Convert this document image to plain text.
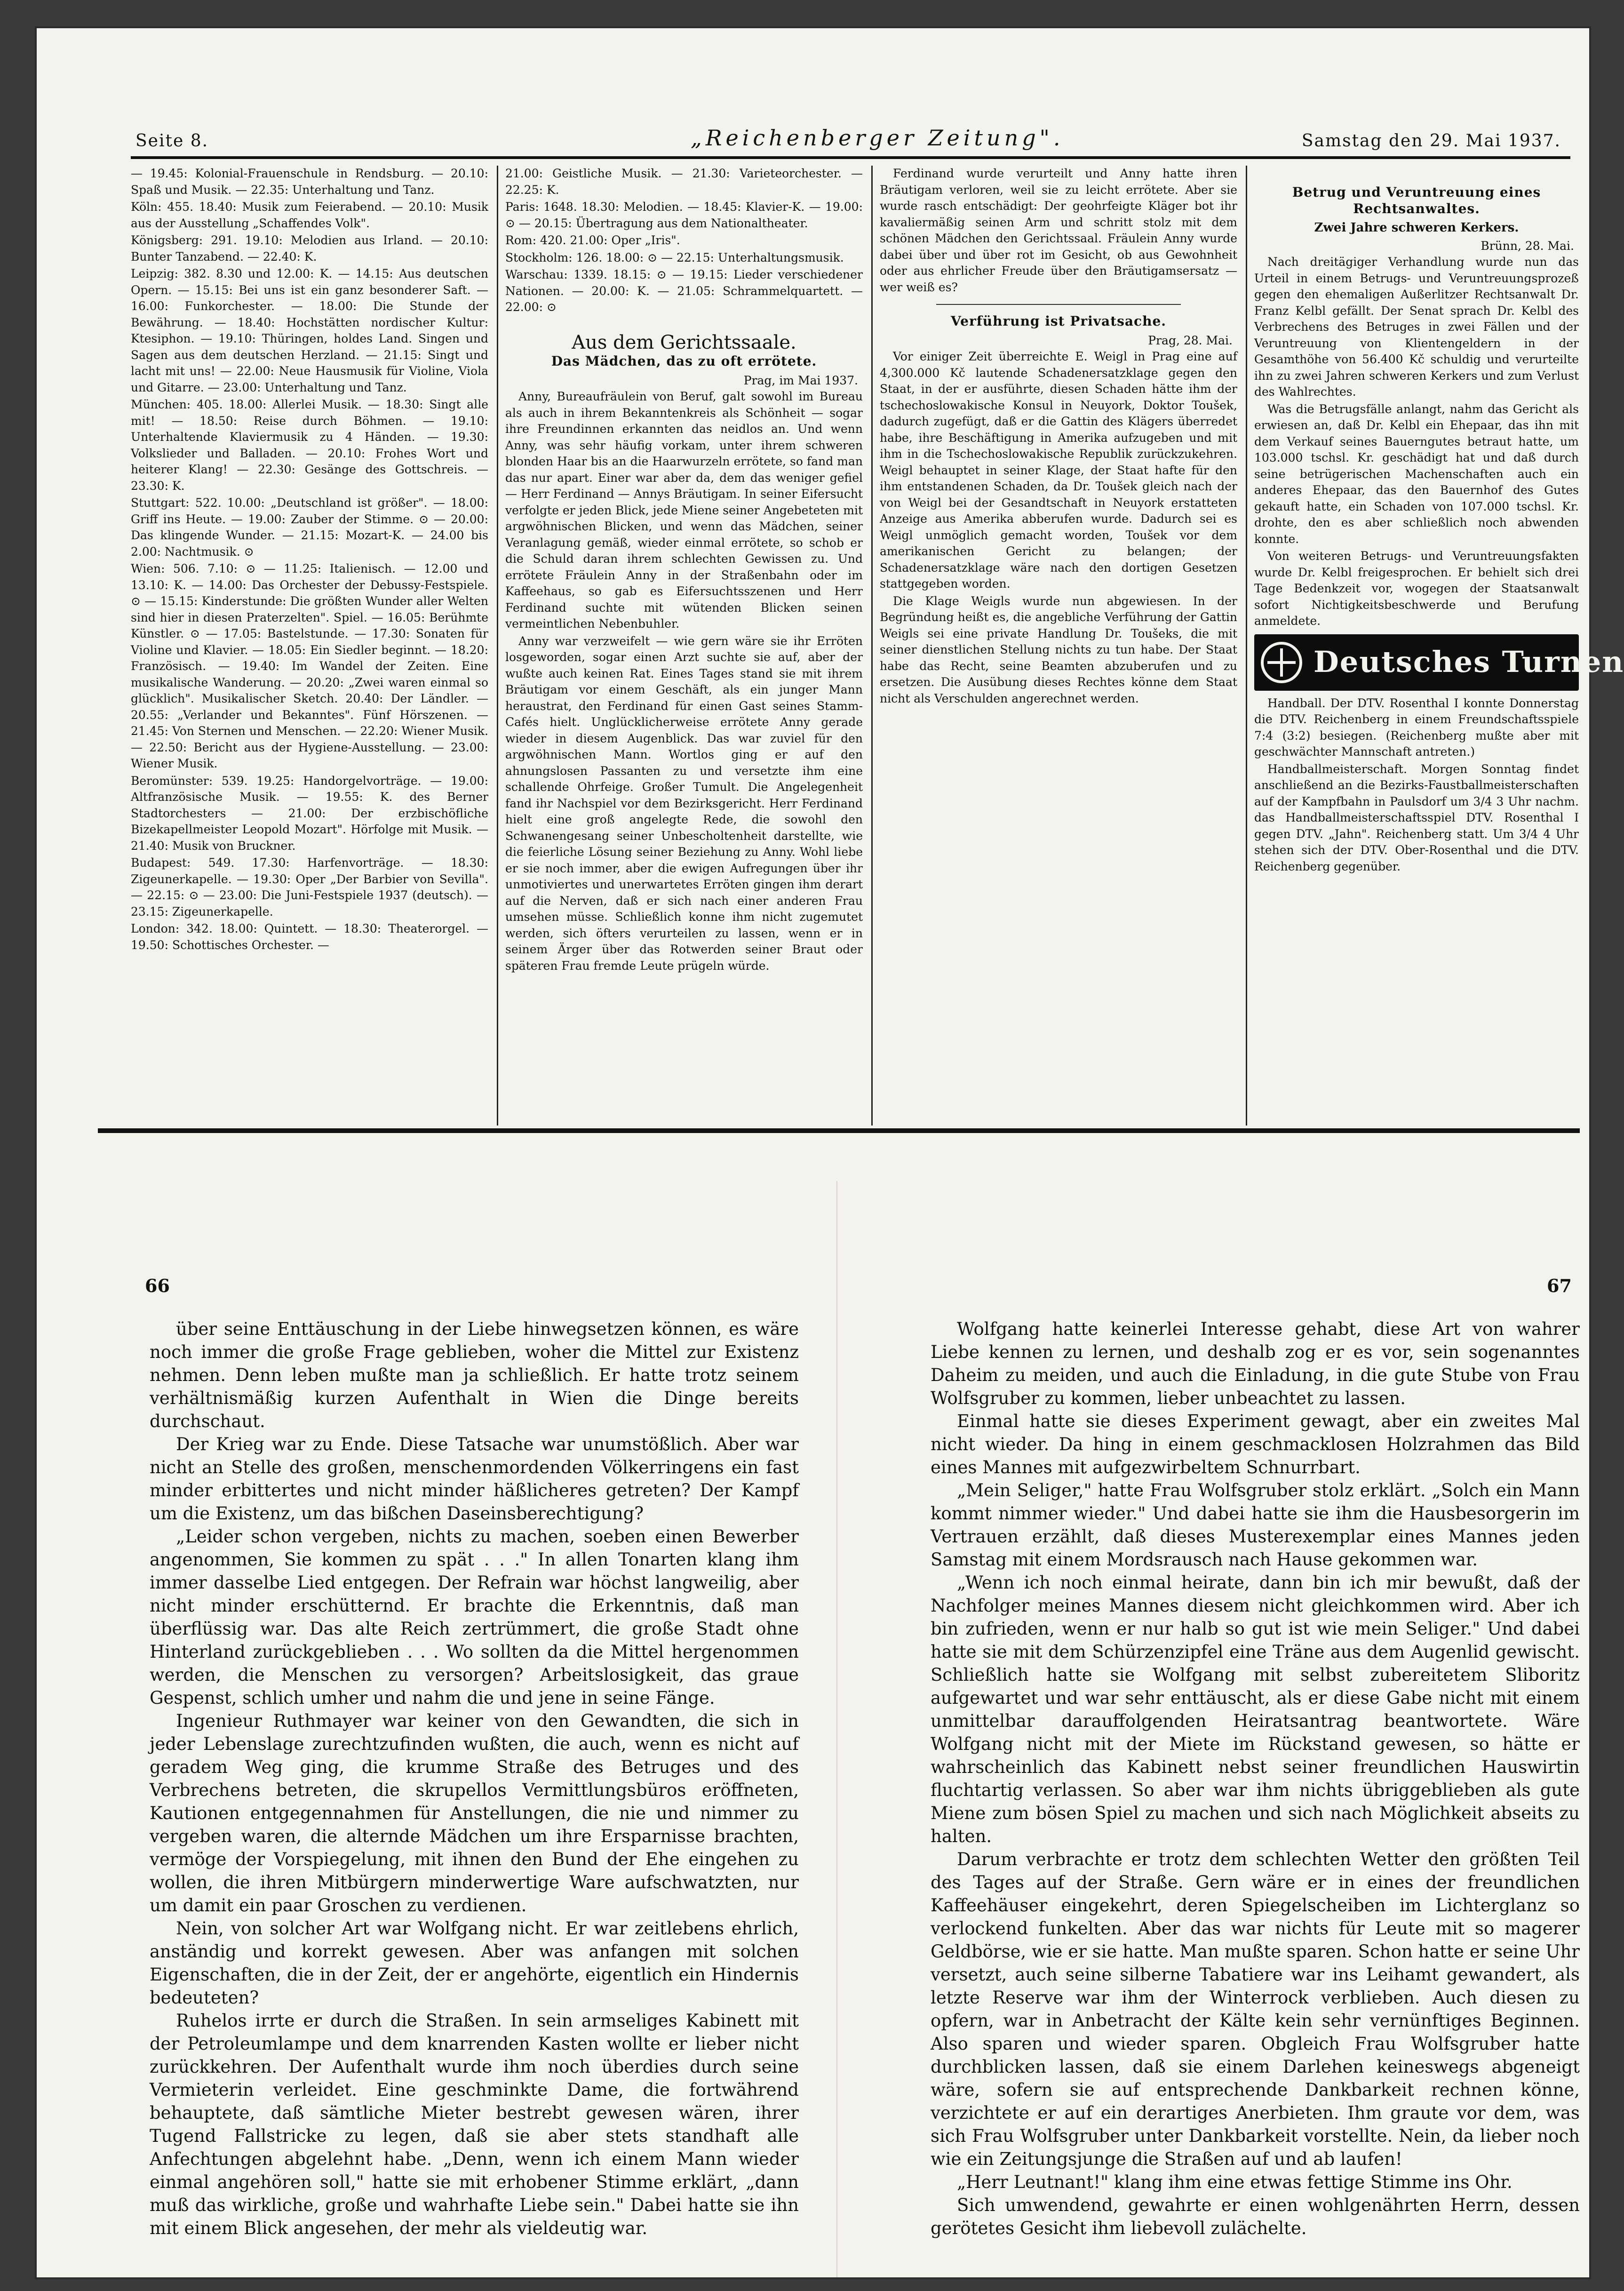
Seite 8.	„Reichenberger Zeitung".	Samstag den 29. Mai 1937.

— 19.45: Kolonial-Frauenschule in Rendsburg. — 20.10: Spaß und Musik. — 22.35: Unterhaltung und Tanz.

Köln: 455. 18.40: Musik zum Feierabend. — 20.10: Musik aus der Ausstellung „Schaffendes Volk".

Königsberg: 291. 19.10: Melodien aus Irland. — 20.10: Bunter Tanzabend. — 22.40: K.

Leipzig: 382. 8.30 und 12.00: K. — 14.15: Aus deutschen Opern. — 15.15: Bei uns ist ein ganz besonderer Saft. — 16.00: Funkorchester. — 18.00: Die Stunde der Bewährung. — 18.40: Hochstätten nordischer Kultur: Ktesiphon. — 19.10: Thüringen, holdes Land. Singen und Sagen aus dem deutschen Herzland. — 21.15: Singt und lacht mit uns! — 22.00: Neue Hausmusik für Violine, Viola und Gitarre. — 23.00: Unterhaltung und Tanz.

München: 405. 18.00: Allerlei Musik. — 18.30: Singt alle mit! — 18.50: Reise durch Böhmen. — 19.10: Unterhaltende Klaviermusik zu 4 Händen. — 19.30: Volkslieder und Balladen. — 20.10: Frohes Wort und heiterer Klang! — 22.30: Gesänge des Gottschreis. — 23.30: K.

Stuttgart: 522. 10.00: „Deutschland ist größer". — 18.00: Griff ins Heute. — 19.00: Zauber der Stimme. ⊙ — 20.00: Das klingende Wunder. — 21.15: Mozart-K. — 24.00 bis 2.00: Nachtmusik. ⊙

Wien: 506. 7.10: ⊙ — 11.25: Italienisch. — 12.00 und 13.10: K. — 14.00: Das Orchester der Debussy-Festspiele. ⊙ — 15.15: Kinderstunde: Die größten Wunder aller Welten sind hier in diesen Praterzelten". Spiel. — 16.05: Berühmte Künstler. ⊙ — 17.05: Bastelstunde. — 17.30: Sonaten für Violine und Klavier. — 18.05: Ein Siedler beginnt. — 18.20: Französisch. — 19.40: Im Wandel der Zeiten. Eine musikalische Wanderung. — 20.20: „Zwei waren einmal so glücklich". Musikalischer Sketch. 20.40: Der Ländler. — 20.55: „Verlander und Bekanntes". Fünf Hörszenen. — 21.45: Von Sternen und Menschen. — 22.20: Wiener Musik. — 22.50: Bericht aus der Hygiene-Ausstellung. — 23.00: Wiener Musik.

Beromünster: 539. 19.25: Handorgelvorträge. — 19.00: Altfranzösische Musik. — 19.55: K. des Berner Stadtorchesters — 21.00: Der erzbischöfliche Bizekapellmeister Leopold Mozart". Hörfolge mit Musik. — 21.40: Musik von Bruckner.

Budapest: 549. 17.30: Harfenvorträge. — 18.30: Zigeunerkapelle. — 19.30: Oper „Der Barbier von Sevilla". — 22.15: ⊙ — 23.00: Die Juni-Festspiele 1937 (deutsch). — 23.15: Zigeunerkapelle.

London: 342. 18.00: Quintett. — 18.30: Theaterorgel. — 19.50: Schottisches Orchester. —

21.00: Geistliche Musik. — 21.30: Varieteorchester. — 22.25: K.

Paris: 1648. 18.30: Melodien. — 18.45: Klavier-K. — 19.00: ⊙ — 20.15: Übertragung aus dem Nationaltheater.

Rom: 420. 21.00: Oper „Iris".

Stockholm: 126. 18.00: ⊙ — 22.15: Unterhaltungsmusik.

Warschau: 1339. 18.15: ⊙ — 19.15: Lieder verschiedener Nationen. — 20.00: K. — 21.05: Schrammelquartett. — 22.00: ⊙

Aus dem Gerichtssaale.
Das Mädchen, das zu oft errötete.
Prag, im Mai 1937.

Anny, Bureaufräulein von Beruf, galt sowohl im Bureau als auch in ihrem Bekanntenkreis als Schönheit — sogar ihre Freundinnen erkannten das neidlos an. Und wenn Anny, was sehr häufig vorkam, unter ihrem schweren blonden Haar bis an die Haarwurzeln errötete, so fand man das nur apart. Einer war aber da, dem das weniger gefiel — Herr Ferdinand — Annys Bräutigam. In seiner Eifersucht verfolgte er jeden Blick, jede Miene seiner Angebeteten mit argwöhnischen Blicken, und wenn das Mädchen, seiner Veranlagung gemäß, wieder einmal errötete, so schob er die Schuld daran ihrem schlechten Gewissen zu. Und errötete Fräulein Anny in der Straßenbahn oder im Kaffeehaus, so gab es Eifersuchtsszenen und Herr Ferdinand suchte mit wütenden Blicken seinen vermeintlichen Nebenbuhler.

Anny war verzweifelt — wie gern wäre sie ihr Erröten losgeworden, sogar einen Arzt suchte sie auf, aber der wußte auch keinen Rat. Eines Tages stand sie mit ihrem Bräutigam vor einem Geschäft, als ein junger Mann heraustrat, den Ferdinand für einen Gast seines Stamm-Cafés hielt. Unglücklicherweise errötete Anny gerade wieder in diesem Augenblick. Das war zuviel für den argwöhnischen Mann. Wortlos ging er auf den ahnungslosen Passanten zu und versetzte ihm eine schallende Ohrfeige. Großer Tumult. Die Angelegenheit fand ihr Nachspiel vor dem Bezirksgericht. Herr Ferdinand hielt eine groß angelegte Rede, die sowohl den Schwanengesang seiner Unbescholtenheit darstellte, wie die feierliche Lösung seiner Beziehung zu Anny. Wohl liebe er sie noch immer, aber die ewigen Aufregungen über ihr unmotiviertes und unerwartetes Erröten gingen ihm derart auf die Nerven, daß er sich nach einer anderen Frau umsehen müsse. Schließlich konne ihm nicht zugemutet werden, sich öfters verurteilen zu lassen, wenn er in seinem Ärger über das Rotwerden seiner Braut oder späteren Frau fremde Leute prügeln würde.

Ferdinand wurde verurteilt und Anny hatte ihren Bräutigam verloren, weil sie zu leicht errötete. Aber sie wurde rasch entschädigt: Der geohrfeigte Kläger bot ihr kavaliermäßig seinen Arm und schritt stolz mit dem schönen Mädchen den Gerichtssaal. Fräulein Anny wurde dabei über und über rot im Gesicht, ob aus Gewohnheit oder aus ehrlicher Freude über den Bräutigamsersatz — wer weiß es?

Verführung ist Privatsache.
Prag, 28. Mai.

Vor einiger Zeit überreichte E. Weigl in Prag eine auf 4,300.000 Kč lautende Schadenersatzklage gegen den Staat, in der er ausführte, diesen Schaden hätte ihm der tschechoslowakische Konsul in Neuyork, Doktor Toušek, dadurch zugefügt, daß er die Gattin des Klägers überredet habe, ihre Beschäftigung in Amerika aufzugeben und mit ihm in die Tschechoslowakische Republik zurückzukehren. Weigl behauptet in seiner Klage, der Staat hafte für den ihm entstandenen Schaden, da Dr. Toušek gleich nach der von Weigl bei der Gesandtschaft in Neuyork erstatteten Anzeige aus Amerika abberufen wurde. Dadurch sei es Weigl unmöglich gemacht worden, Toušek vor dem amerikanischen Gericht zu belangen; der Schadenersatzklage wäre nach den dortigen Gesetzen stattgegeben worden.

Die Klage Weigls wurde nun abgewiesen. In der Begründung heißt es, die angebliche Verführung der Gattin Weigls sei eine private Handlung Dr. Toušeks, die mit seiner dienstlichen Stellung nichts zu tun habe. Der Staat habe das Recht, seine Beamten abzuberufen und zu ersetzen. Die Ausübung dieses Rechtes könne dem Staat nicht als Verschulden angerechnet werden.

Betrug und Veruntreuung eines Rechtsanwaltes.
Zwei Jahre schweren Kerkers.
Brünn, 28. Mai.

Nach dreitägiger Verhandlung wurde nun das Urteil in einem Betrugs- und Veruntreuungsprozeß gegen den ehemaligen Außerlitzer Rechtsanwalt Dr. Franz Kelbl gefällt. Der Senat sprach Dr. Kelbl des Verbrechens des Betruges in zwei Fällen und der Veruntreuung von Klientengeldern in der Gesamthöhe von 56.400 Kč schuldig und verurteilte ihn zu zwei Jahren schweren Kerkers und zum Verlust des Wahlrechtes.

Was die Betrugsfälle anlangt, nahm das Gericht als erwiesen an, daß Dr. Kelbl ein Ehepaar, das ihn mit dem Verkauf seines Bauerngutes betraut hatte, um 103.000 tschsl. Kr. geschädigt hat und daß durch seine betrügerischen Machenschaften auch ein anderes Ehepaar, das den Bauernhof des Gutes gekauft hatte, ein Schaden von 107.000 tschsl. Kr. drohte, den es aber schließlich noch abwenden konnte.

Von weiteren Betrugs- und Veruntreuungsfakten wurde Dr. Kelbl freigesprochen. Er behielt sich drei Tage Bedenkzeit vor, wogegen der Staatsanwalt sofort Nichtigkeitsbeschwerde und Berufung anmeldete.

Deutsches Turnen

Handball. Der DTV. Rosenthal I konnte Donnerstag die DTV. Reichenberg in einem Freundschaftsspiele 7:4 (3:2) besiegen. (Reichenberg mußte aber mit geschwächter Mannschaft antreten.)

Handballmeisterschaft. Morgen Sonntag findet anschließend an die Bezirks-Faustballmeisterschaften auf der Kampfbahn in Paulsdorf um 3/4 3 Uhr nachm. das Handballmeisterschaftsspiel DTV. Rosenthal I gegen DTV. „Jahn". Reichenberg statt. Um 3/4 4 Uhr stehen sich der DTV. Ober-Rosenthal und die DTV. Reichenberg gegenüber.

66	67

über seine Enttäuschung in der Liebe hinwegsetzen können, es wäre noch immer die große Frage geblieben, woher die Mittel zur Existenz nehmen. Denn leben mußte man ja schließlich. Er hatte trotz seinem verhältnismäßig kurzen Aufenthalt in Wien die Dinge bereits durchschaut.

Der Krieg war zu Ende. Diese Tatsache war unumstößlich. Aber war nicht an Stelle des großen, menschenmordenden Völkerringens ein fast minder erbittertes und nicht minder häßlicheres getreten? Der Kampf um die Existenz, um das bißchen Daseinsberechtigung?

„Leider schon vergeben, nichts zu machen, soeben einen Bewerber angenommen, Sie kommen zu spät . . ." In allen Tonarten klang ihm immer dasselbe Lied entgegen. Der Refrain war höchst langweilig, aber nicht minder erschütternd. Er brachte die Erkenntnis, daß man überflüssig war. Das alte Reich zertrümmert, die große Stadt ohne Hinterland zurückgeblieben . . . Wo sollten da die Mittel hergenommen werden, die Menschen zu versorgen? Arbeitslosigkeit, das graue Gespenst, schlich umher und nahm die und jene in seine Fänge.

Ingenieur Ruthmayer war keiner von den Gewandten, die sich in jeder Lebenslage zurechtzufinden wußten, die auch, wenn es nicht auf geradem Weg ging, die krumme Straße des Betruges und des Verbrechens betreten, die skrupellos Vermittlungsbüros eröffneten, Kautionen entgegennahmen für Anstellungen, die nie und nimmer zu vergeben waren, die alternde Mädchen um ihre Ersparnisse brachten, vermöge der Vorspiegelung, mit ihnen den Bund der Ehe eingehen zu wollen, die ihren Mitbürgern minderwertige Ware aufschwatzten, nur um damit ein paar Groschen zu verdienen.

Nein, von solcher Art war Wolfgang nicht. Er war zeitlebens ehrlich, anständig und korrekt gewesen. Aber was anfangen mit solchen Eigenschaften, die in der Zeit, der er angehörte, eigentlich ein Hindernis bedeuteten?

Ruhelos irrte er durch die Straßen. In sein armseliges Kabinett mit der Petroleumlampe und dem knarrenden Kasten wollte er lieber nicht zurückkehren. Der Aufenthalt wurde ihm noch überdies durch seine Vermieterin verleidet. Eine geschminkte Dame, die fortwährend behauptete, daß sämtliche Mieter bestrebt gewesen wären, ihrer Tugend Fallstricke zu legen, daß sie aber stets standhaft alle Anfechtungen abgelehnt habe. „Denn, wenn ich einem Mann wieder einmal angehören soll," hatte sie mit erhobener Stimme erklärt, „dann muß das wirkliche, große und wahrhafte Liebe sein." Dabei hatte sie ihn mit einem Blick angesehen, der mehr als vieldeutig war.

Wolfgang hatte keinerlei Interesse gehabt, diese Art von wahrer Liebe kennen zu lernen, und deshalb zog er es vor, sein sogenanntes Daheim zu meiden, und auch die Einladung, in die gute Stube von Frau Wolfsgruber zu kommen, lieber unbeachtet zu lassen.

Einmal hatte sie dieses Experiment gewagt, aber ein zweites Mal nicht wieder. Da hing in einem geschmacklosen Holzrahmen das Bild eines Mannes mit aufgezwirbeltem Schnurrbart.

„Mein Seliger," hatte Frau Wolfsgruber stolz erklärt. „Solch ein Mann kommt nimmer wieder." Und dabei hatte sie ihm die Hausbesorgerin im Vertrauen erzählt, daß dieses Musterexemplar eines Mannes jeden Samstag mit einem Mordsrausch nach Hause gekommen war.

„Wenn ich noch einmal heirate, dann bin ich mir bewußt, daß der Nachfolger meines Mannes diesem nicht gleichkommen wird. Aber ich bin zufrieden, wenn er nur halb so gut ist wie mein Seliger." Und dabei hatte sie mit dem Schürzenzipfel eine Träne aus dem Augenlid gewischt. Schließlich hatte sie Wolfgang mit selbst zubereitetem Sliboritz aufgewartet und war sehr enttäuscht, als er diese Gabe nicht mit einem unmittelbar darauffolgenden Heiratsantrag beantwortete. Wäre Wolfgang nicht mit der Miete im Rückstand gewesen, so hätte er wahrscheinlich das Kabinett nebst seiner freundlichen Hauswirtin fluchtartig verlassen. So aber war ihm nichts übriggeblieben als gute Miene zum bösen Spiel zu machen und sich nach Möglichkeit abseits zu halten.

Darum verbrachte er trotz dem schlechten Wetter den größten Teil des Tages auf der Straße. Gern wäre er in eines der freundlichen Kaffeehäuser eingekehrt, deren Spiegelscheiben im Lichterglanz so verlockend funkelten. Aber das war nichts für Leute mit so magerer Geldbörse, wie er sie hatte. Man mußte sparen. Schon hatte er seine Uhr versetzt, auch seine silberne Tabatiere war ins Leihamt gewandert, als letzte Reserve war ihm der Winterrock verblieben. Auch diesen zu opfern, war in Anbetracht der Kälte kein sehr vernünftiges Beginnen. Also sparen und wieder sparen. Obgleich Frau Wolfsgruber hatte durchblicken lassen, daß sie einem Darlehen keineswegs abgeneigt wäre, sofern sie auf entsprechende Dankbarkeit rechnen könne, verzichtete er auf ein derartiges Anerbieten. Ihm graute vor dem, was sich Frau Wolfsgruber unter Dankbarkeit vorstellte. Nein, da lieber noch wie ein Zeitungsjunge die Straßen auf und ab laufen!

„Herr Leutnant!" klang ihm eine etwas fettige Stimme ins Ohr.

Sich umwendend, gewahrte er einen wohlgenährten Herrn, dessen gerötetes Gesicht ihm liebevoll zulächelte.
